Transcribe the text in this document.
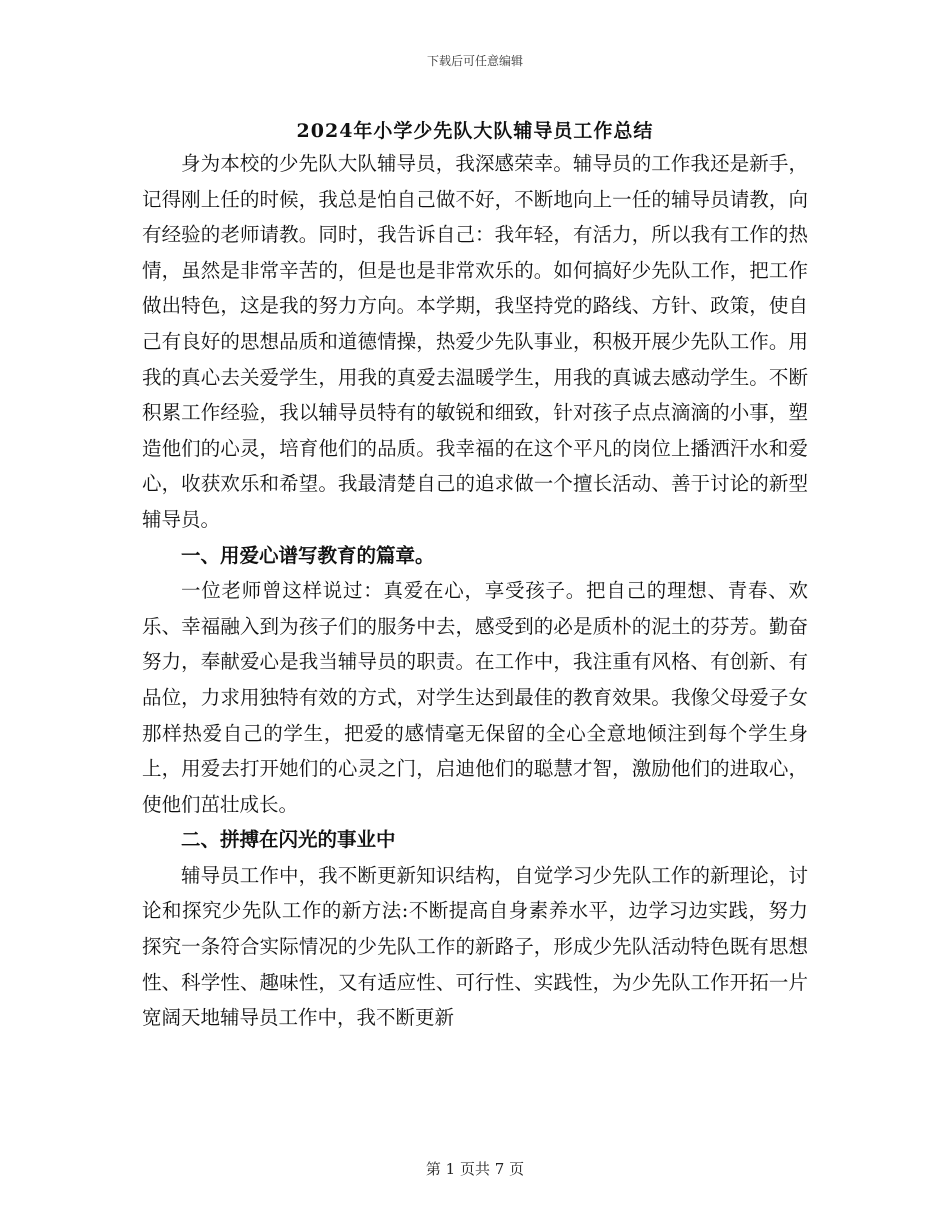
下载后可任意编辑
2024年小学少先队大队辅导员工作总结

身为本校的少先队大队辅导员，我深感荣幸。辅导员的工作我还是新手，记得刚上任的时候，我总是怕自己做不好，不断地向上一任的辅导员请教，向有经验的老师请教。同时，我告诉自己：我年轻，有活力，所以我有工作的热情，虽然是非常辛苦的，但是也是非常欢乐的。如何搞好少先队工作，把工作做出特色，这是我的努力方向。本学期，我坚持党的路线、方针、政策，使自己有良好的思想品质和道德情操，热爱少先队事业，积极开展少先队工作。用我的真心去关爱学生，用我的真爱去温暖学生，用我的真诚去感动学生。不断积累工作经验，我以辅导员特有的敏锐和细致，针对孩子点点滴滴的小事，塑造他们的心灵，培育他们的品质。我幸福的在这个平凡的岗位上播洒汗水和爱心，收获欢乐和希望。我最清楚自己的追求做一个擅长活动、善于讨论的新型辅导员。

一、用爱心谱写教育的篇章。

一位老师曾这样说过：真爱在心，享受孩子。把自己的理想、青春、欢乐、幸福融入到为孩子们的服务中去，感受到的必是质朴的泥土的芬芳。勤奋努力，奉献爱心是我当辅导员的职责。在工作中，我注重有风格、有创新、有品位，力求用独特有效的方式，对学生达到最佳的教育效果。我像父母爱子女那样热爱自己的学生，把爱的感情毫无保留的全心全意地倾注到每个学生身上，用爱去打开她们的心灵之门，启迪他们的聪慧才智，激励他们的进取心，使他们茁壮成长。

二、拼搏在闪光的事业中

辅导员工作中，我不断更新知识结构，自觉学习少先队工作的新理论，讨论和探究少先队工作的新方法:不断提高自身素养水平，边学习边实践，努力探究一条符合实际情况的少先队工作的新路子，形成少先队活动特色既有思想性、科学性、趣味性，又有适应性、可行性、实践性，为少先队工作开拓一片宽阔天地辅导员工作中，我不断更新

第 1 页共 7 页
